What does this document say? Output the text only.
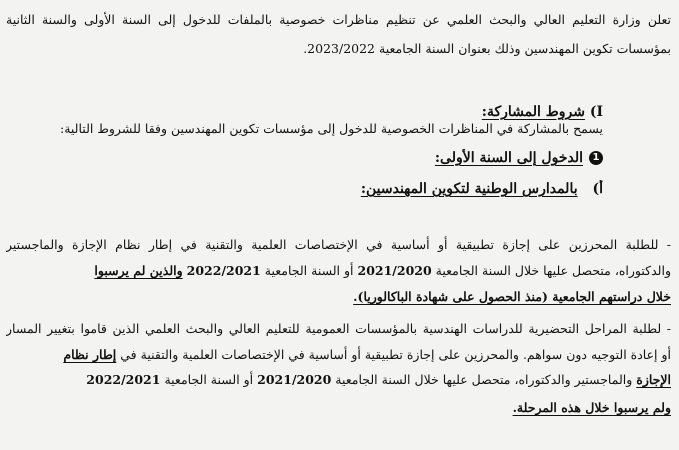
تعلن وزارة التعليم العالي والبحث العلمي عن تنظيم مناظرات خصوصية بالملفات للدخول إلى السنة الأولى والسنة الثانية
بمؤسسات تكوين المهندسين وذلك بعنوان السنة الجامعية 2023/2022.
I) شروط المشاركة:
يسمح بالمشاركة في المناظرات الخصوصية للدخول إلى مؤسسات تكوين المهندسين وفقا للشروط التالية:
1الدخول إلى السنة الأولى:
أ) بالمدارس الوطنية لتكوين المهندسين:
- للطلبة المحرزين على إجازة تطبيقية أو أساسية في الإختصاصات العلمية والتقنية في إطار نظام الإجازة والماجستير
والدكتوراه، متحصل عليها خلال السنة الجامعية 2021/2020 أو السنة الجامعية 2022/2021 والذين لم يرسبوا
خلال دراستهم الجامعية (منذ الحصول على شهادة الباكالوريا).
- لطلبة المراحل التحضيرية للدراسات الهندسية بالمؤسسات العمومية للتعليم العالي والبحث العلمي الذين قاموا بتغيير المسار
أو إعادة التوجيه دون سواهم. والمحرزين على إجازة تطبيقية أو أساسية في الإختصاصات العلمية والتقنية في إطار نظام
الإجازة والماجستير والدكتوراه، متحصل عليها خلال السنة الجامعية 2021/2020 أو السنة الجامعية 2022/2021
ولم يرسبوا خلال هذه المرحلة.
